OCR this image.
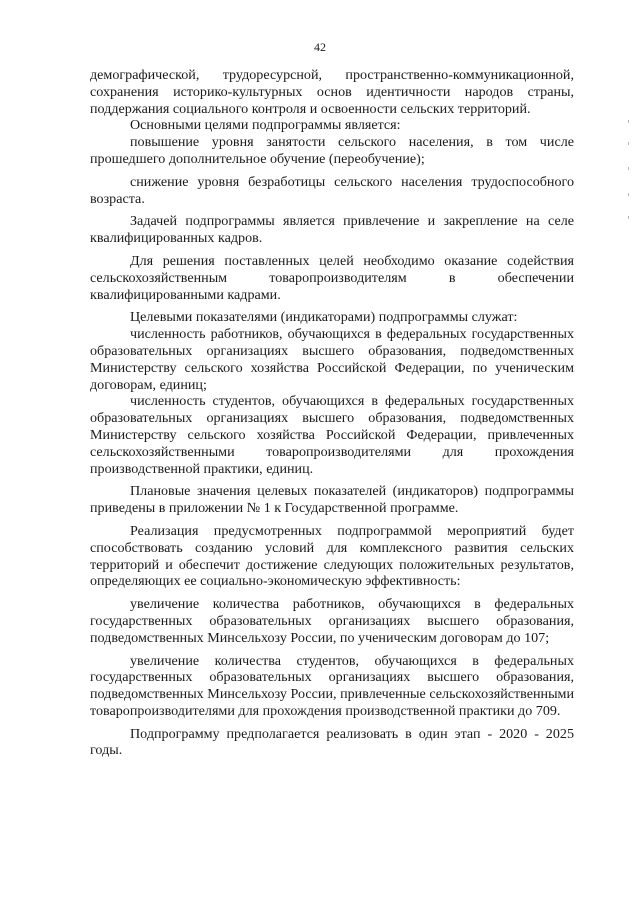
42

демографической, трудоресурсной, пространственно-коммуникационной, сохранения историко-культурных основ идентичности народов страны, поддержания социального контроля и освоенности сельских территорий.

Основными целями подпрограммы является:

повышение уровня занятости сельского населения, в том числе прошедшего дополнительное обучение (переобучение);

снижение уровня безработицы сельского населения трудоспособного возраста.

Задачей подпрограммы является привлечение и закрепление на селе квалифицированных кадров.

Для решения поставленных целей необходимо оказание содействия сельскохозяйственным товаропроизводителям в обеспечении квалифицированными кадрами.

Целевыми показателями (индикаторами) подпрограммы служат:

численность работников, обучающихся в федеральных государственных образовательных организациях высшего образования, подведомственных Министерству сельского хозяйства Российской Федерации, по ученическим договорам, единиц;

численность студентов, обучающихся в федеральных государственных образовательных организациях высшего образования, подведомственных Министерству сельского хозяйства Российской Федерации, привлеченных сельскохозяйственными товаропроизводителями для прохождения производственной практики, единиц.

Плановые значения целевых показателей (индикаторов) подпрограммы приведены в приложении № 1 к Государственной программе.

Реализация предусмотренных подпрограммой мероприятий будет способствовать созданию условий для комплексного развития сельских территорий и обеспечит достижение следующих положительных результатов, определяющих ее социально-экономическую эффективность:

увеличение количества работников, обучающихся в федеральных государственных образовательных организациях высшего образования, подведомственных Минсельхозу России, по ученическим договорам до 107;

увеличение количества студентов, обучающихся в федеральных государственных образовательных организациях высшего образования, подведомственных Минсельхозу России, привлеченные сельскохозяйственными товаропроизводителями для прохождения производственной практики до 709.

Подпрограмму предполагается реализовать в один этап - 2020 - 2025 годы.
